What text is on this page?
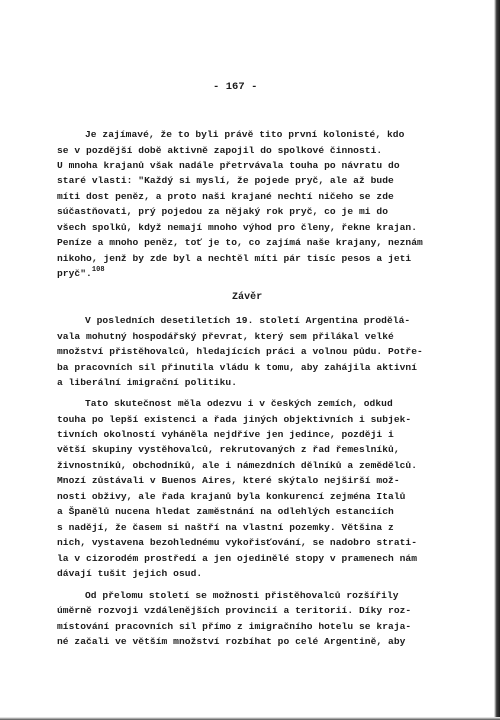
- 167 -
Je zajímavé, že to byli právě tito první kolonisté, kdo
se v pozdější době aktivně zapojil do spolkové činnosti.
U mnoha krajanů však nadále přetrvávala touha po návratu do
staré vlasti: "Každý si myslí, že pojede pryč, ale až bude
míti dost peněz, a proto naši krajané nechtí ničeho se zde
súčastňovati, prý pojedou za nějaký rok pryč, co je mi do
všech spolků, když nemají mnoho výhod pro členy, řekne krajan.
Peníze a mnoho peněz, toť je to, co zajímá naše krajany, neznám
nikoho, jenž by zde byl a nechtěl míti pár tisíc pesos a jeti
pryč".$^{108}$
Závěr
V posledních desetiletích 19. století Argentina prodělá-
vala mohutný hospodářský převrat, který sem přilákal velké
množství přistěhovalců, hledajících práci a volnou půdu. Potře-
ba pracovních sil přinutila vládu k tomu, aby zahájila aktivní
a liberální imigrační politiku.
Tato skutečnost měla odezvu i v českých zemích, odkud
touha po lepší existenci a řada jiných objektivních i subjek-
tivních okolností vyháněla nejdříve jen jedince, později i
větší skupiny vystěhovalců, rekrutovaných z řad řemeslníků,
živnostníků, obchodníků, ale i námezdních dělníků a zemědělců.
Mnozí zůstávali v Buenos Aires, které skýtalo nejširší mož-
nosti obživy, ale řada krajanů byla konkurencí zejména Italů
a Španělů nucena hledat zaměstnání na odlehlých estanciích
s nadějí, že časem si naštří na vlastní pozemky. Většina z
nich, vystavena bezohlednému vykořisťování, se nadobro strati-
la v cizorodém prostředí a jen ojedinělé stopy v pramenech nám
dávají tušit jejich osud.
Od přelomu století se možnosti přistěhovalců rozšířily
úměrně rozvoji vzdálenějších provincií a teritorií. Díky roz-
místování pracovních sil přímo z imigračního hotelu se kraja-
né začali ve větším množství rozbíhat po celé Argentině, aby
